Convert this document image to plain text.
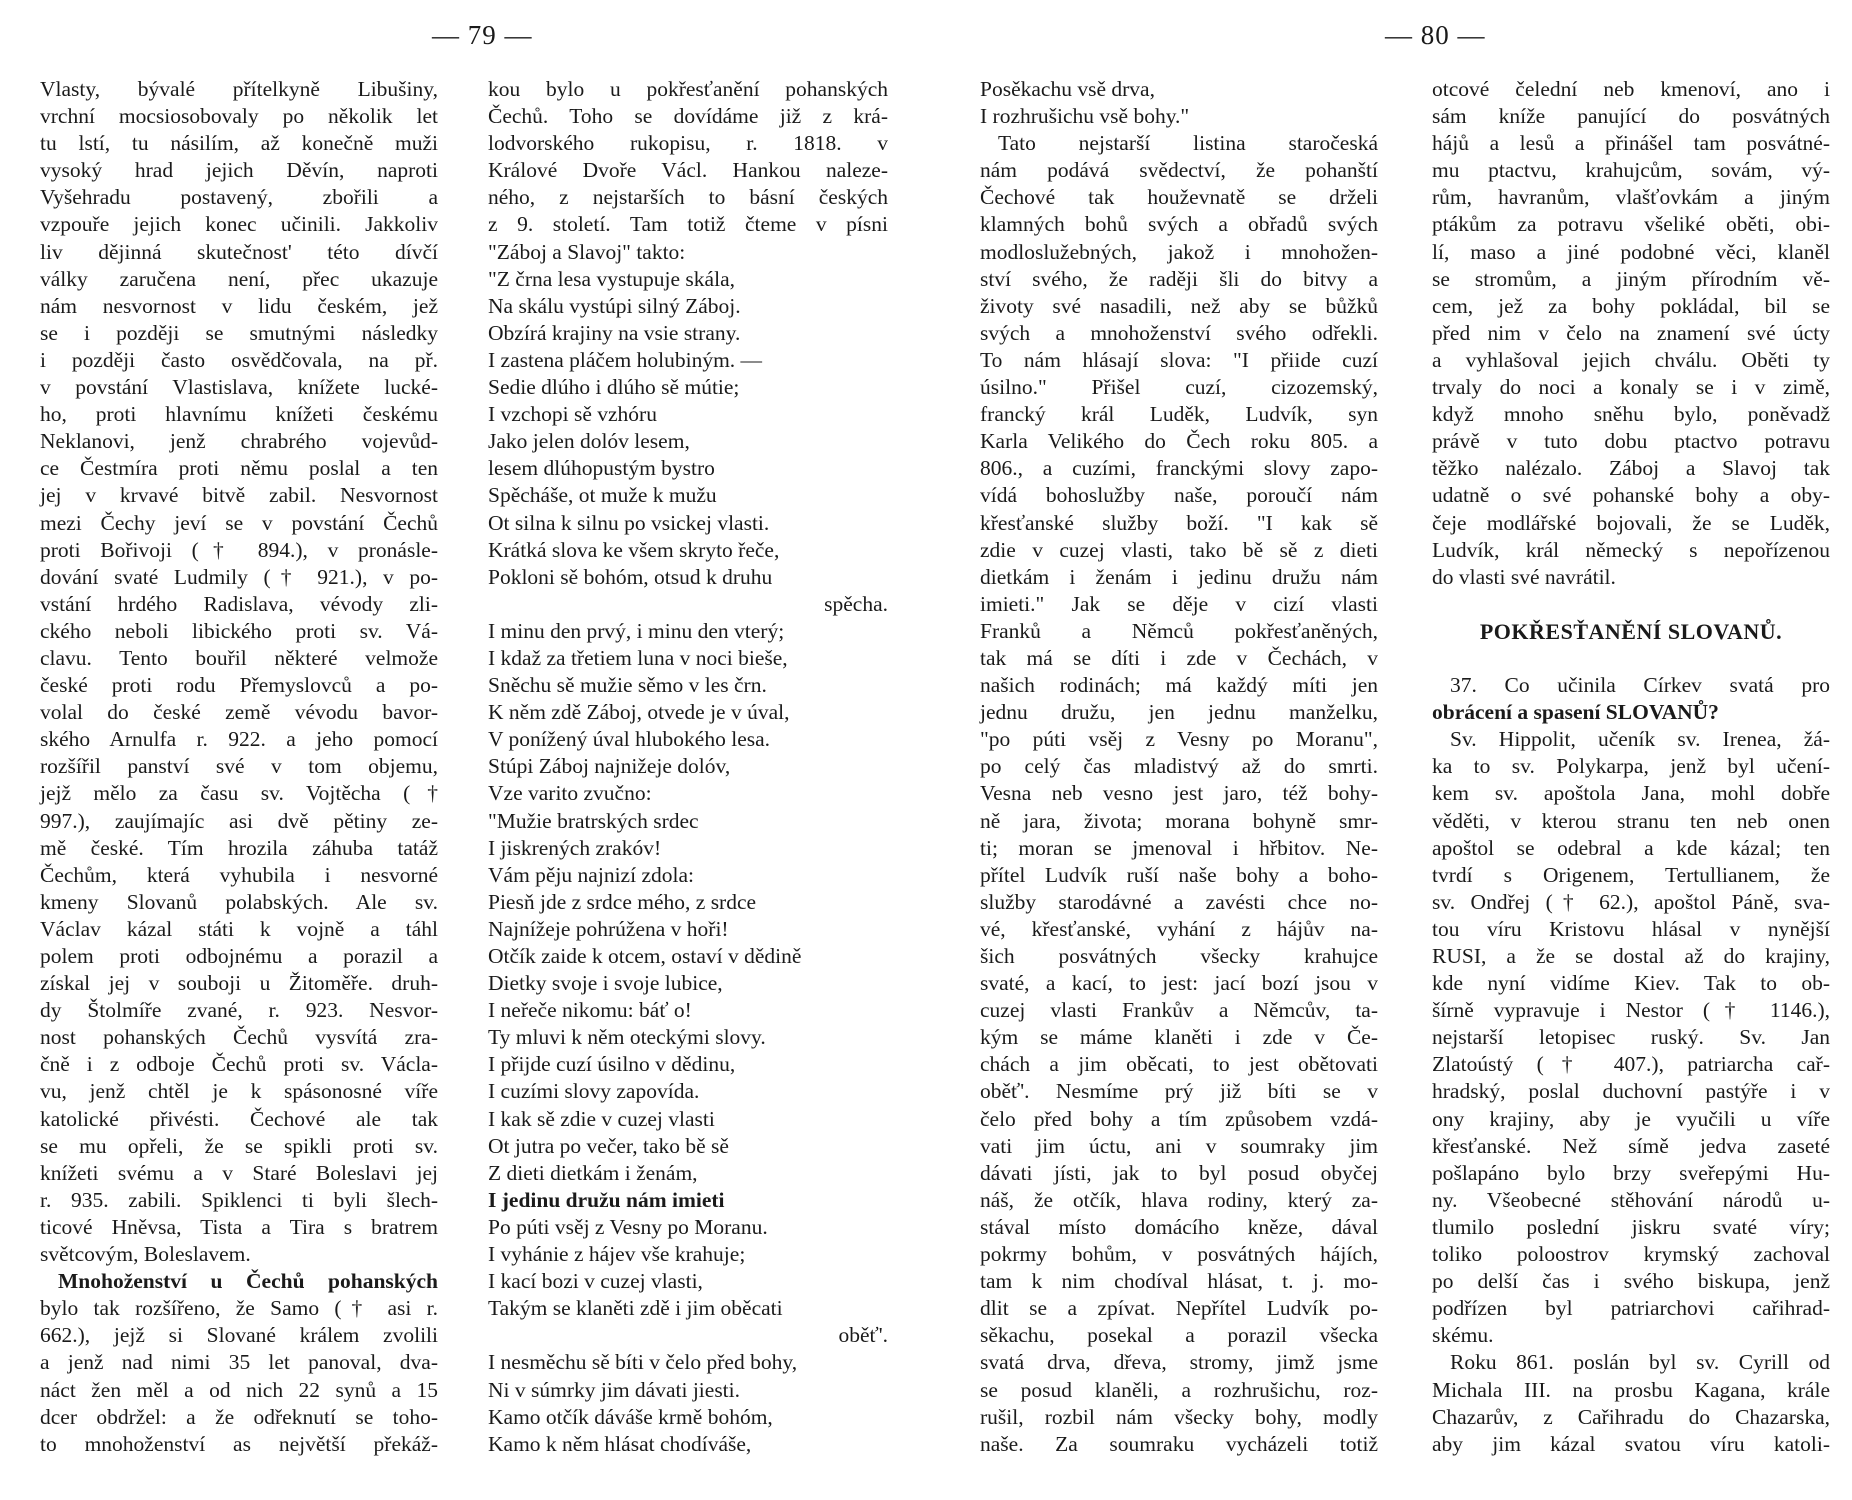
— 79 —	— 80 —
Vlasty, bývalé přítelkyně Libušiny,
vrchní mocsiosobovaly po několik let
tu lstí, tu násilím, až konečně muži
vysoký hrad jejich Děvín, naproti
Vyšehradu postavený, zbořili a
vzpouře jejich konec učinili. Jakkoliv
liv dějinná skutečnost' této dívčí
války zaručena není, přec ukazuje
nám nesvornost v lidu českém, jež
se i později se smutnými následky
i později často osvědčovala, na př.
v povstání Vlastislava, knížete lucké-
ho, proti hlavnímu knížeti českému
Neklanovi, jenž chrabrého vojevůd-
ce Čestmíra proti němu poslal a ten
jej v krvavé bitvě zabil. Nesvornost
mezi Čechy jeví se v povstání Čechů
proti Bořivoji († 894.), v pronásle-
dování svaté Ludmily († 921.), v po-
vstání hrdého Radislava, vévody zli-
ckého neboli libického proti sv. Vá-
clavu. Tento bouřil některé velmože
české proti rodu Přemyslovců a po-
volal do české země vévodu bavor-
ského Arnulfa r. 922. a jeho pomocí
rozšířil panství své v tom objemu,
jejž mělo za času sv. Vojtěcha (†
997.), zaujímajíc asi dvě pětiny ze-
mě české. Tím hrozila záhuba tatáž
Čechům, která vyhubila i nesvorné
kmeny Slovanů polabských. Ale sv.
Václav kázal státi k vojně a táhl
polem proti odbojnému a porazil a
získal jej v souboji u Žitoměře. druh-
dy Štolmíře zvané, r. 923. Nesvor-
nost pohanských Čechů vysvítá zra-
čně i z odboje Čechů proti sv. Václa-
vu, jenž chtěl je k spásonosné víře
katolické přivésti. Čechové ale tak
se mu opřeli, že se spikli proti sv.
knížeti svému a v Staré Boleslavi jej
r. 935. zabili. Spiklenci ti byli šlech-
ticové Hněvsa, Tista a Tira s bratrem
světcovým, Boleslavem.
Mnohoženství u Čechů pohanských
bylo tak rozšířeno, že Samo († asi r.
662.), jejž si Slované králem zvolili
a jenž nad nimi 35 let panoval, dva-
náct žen měl a od nich 22 synů a 15
dcer obdržel: a že odřeknutí se toho-
to mnohoženství as největší překáž-
kou bylo u pokřesťanění pohanských
Čechů. Toho se dovídáme již z krá-
lodvorského rukopisu, r. 1818. v
Králové Dvoře Václ. Hankou naleze-
ného, z nejstarších to básní českých
z 9. století. Tam totiž čteme v písni
"Záboj a Slavoj" takto:
"Z črna lesa vystupuje skála,
Na skálu vystúpi silný Záboj.
Obzírá krajiny na vsie strany.
I zastena pláčem holubiným. —
Sedie dlúho i dlúho sě mútie;
I vzchopi sě vzhóru
Jako jelen dolóv lesem,
lesem dlúhopustým bystro
Spěcháše, ot muže k mužu
Ot silna k silnu po vsickej vlasti.
Krátká slova ke všem skryto řeče,
Pokloni sě bohóm, otsud k druhu
spěcha.
I minu den prvý, i minu den vterý;
I kdaž za třetiem luna v noci bieše,
Sněchu sě mužie sěmo v les črn.
K něm zdě Záboj, otvede je v úval,
V ponížený úval hlubokého lesa.
Stúpi Záboj najnižeje dolóv,
Vze varito zvučno:
"Mužie bratrských srdec
I jiskrených zrakóv!
Vám pěju najnizí zdola:
Piesň jde z srdce mého, z srdce
Najnížeje pohrúžena v hoři!
Otčík zaide k otcem, ostaví v dědině
Dietky svoje i svoje lubice,
I neřeče nikomu: báť o!
Ty mluvi k něm oteckými slovy.
I přijde cuzí úsilno v dědinu,
I cuzími slovy zapovída.
I kak sě zdie v cuzej vlasti
Ot jutra po večer, tako bě sě
Z dieti dietkám i ženám,
I jedinu družu nám imieti
Po púti vsěj z Vesny po Moranu.
I vyhánie z hájev vše krahuje;
I kací bozi v cuzej vlasti,
Takým se klaněti zdě i jim oběcati
oběť'.
I nesměchu sě bíti v čelo před bohy,
Ni v súmrky jim dávati jiesti.
Kamo otčík dáváše krmě bohóm,
Kamo k něm hlásat chodíváše,
Posěkachu vsě drva,
I rozhrušichu vsě bohy."
Tato nejstarší listina staročeská
nám podává svědectví, že pohanští
Čechové tak houževnatě se drželi
klamných bohů svých a obřadů svých
modloslužebných, jakož i mnohožen-
ství svého, že raději šli do bitvy a
životy své nasadili, než aby se bůžků
svých a mnohoženství svého odřekli.
To nám hlásají slova: "I přiide cuzí
úsilno." Přišel cuzí, cizozemský,
francký král Luděk, Ludvík, syn
Karla Velikého do Čech roku 805. a
806., a cuzími, franckými slovy zapo-
vídá bohoslužby naše, poroučí nám
křesťanské služby boží. "I kak sě
zdie v cuzej vlasti, tako bě sě z dieti
dietkám i ženám i jedinu družu nám
imieti." Jak se děje v cizí vlasti
Franků a Němců pokřesťaněných,
tak má se díti i zde v Čechách, v
našich rodinách; má každý míti jen
jednu družu, jen jednu manželku,
"po púti vsěj z Vesny po Moranu",
po celý čas mladistvý až do smrti.
Vesna neb vesno jest jaro, též bohy-
ně jara, života; morana bohyně smr-
ti; moran se jmenoval i hřbitov. Ne-
přítel Ludvík ruší naše bohy a boho-
služby starodávné a zavésti chce no-
vé, křesťanské, vyhání z hájův na-
šich posvátných všecky krahujce
svaté, a kací, to jest: jací bozí jsou v
cuzej vlasti Frankův a Němcův, ta-
kým se máme klaněti i zde v Če-
chách a jim oběcati, to jest obětovati
oběť'. Nesmíme prý již bíti se v
čelo před bohy a tím způsobem vzdá-
vati jim úctu, ani v soumraky jim
dávati jísti, jak to byl posud obyčej
náš, že otčík, hlava rodiny, který za-
stával místo domácího kněze, dával
pokrmy bohům, v posvátných hájích,
tam k nim chodíval hlásat, t. j. mo-
dlit se a zpívat. Nepřítel Ludvík po-
sěkachu, posekal a porazil všecka
svatá drva, dřeva, stromy, jimž jsme
se posud klaněli, a rozhrušichu, roz-
rušil, rozbil nám všecky bohy, modly
naše. Za soumraku vycházeli totiž
otcové čelední neb kmenoví, ano i
sám kníže panující do posvátných
hájů a lesů a přinášel tam posvátné-
mu ptactvu, krahujcům, sovám, vý-
rům, havranům, vlašťovkám a jiným
ptákům za potravu všeliké oběti, obi-
lí, maso a jiné podobné věci, klaněl
se stromům, a jiným přírodním vě-
cem, jež za bohy pokládal, bil se
před nim v čelo na znamení své úcty
a vyhlašoval jejich chválu. Oběti ty
trvaly do noci a konaly se i v zimě,
když mnoho sněhu bylo, poněvadž
právě v tuto dobu ptactvo potravu
těžko nalézalo. Záboj a Slavoj tak
udatně o své pohanské bohy a oby-
čeje modlářské bojovali, že se Luděk,
Ludvík, král německý s nepořízenou
do vlasti své navrátil.
POKŘESŤANĚNÍ SLOVANŮ.
37. Co učinila Církev svatá pro
obrácení a spasení SLOVANŮ?
Sv. Hippolit, učeník sv. Irenea, žá-
ka to sv. Polykarpa, jenž byl učení-
kem sv. apoštola Jana, mohl dobře
věděti, v kterou stranu ten neb onen
apoštol se odebral a kde kázal; ten
tvrdí s Origenem, Tertullianem, že
sv. Ondřej († 62.), apoštol Páně, sva-
tou víru Kristovu hlásal v nynější
RUSI, a že se dostal až do krajiny,
kde nyní vidíme Kiev. Tak to ob-
šírně vypravuje i Nestor († 1146.),
nejstarší letopisec ruský. Sv. Jan
Zlatoústý († 407.), patriarcha cař-
hradský, poslal duchovní pastýře i v
ony krajiny, aby je vyučili u víře
křesťanské. Než símě jedva zaseté
pošlapáno bylo brzy sveřepými Hu-
ny. Všeobecné stěhování národů u-
tlumilo poslední jiskru svaté víry;
toliko poloostrov krymský zachoval
po delší čas i svého biskupa, jenž
podřízen byl patriarchovi cařihrad-
skému.
Roku 861. poslán byl sv. Cyrill od
Michala III. na prosbu Kagana, krále
Chazarův, z Cařihradu do Chazarska,
aby jim kázal svatou víru katoli-
